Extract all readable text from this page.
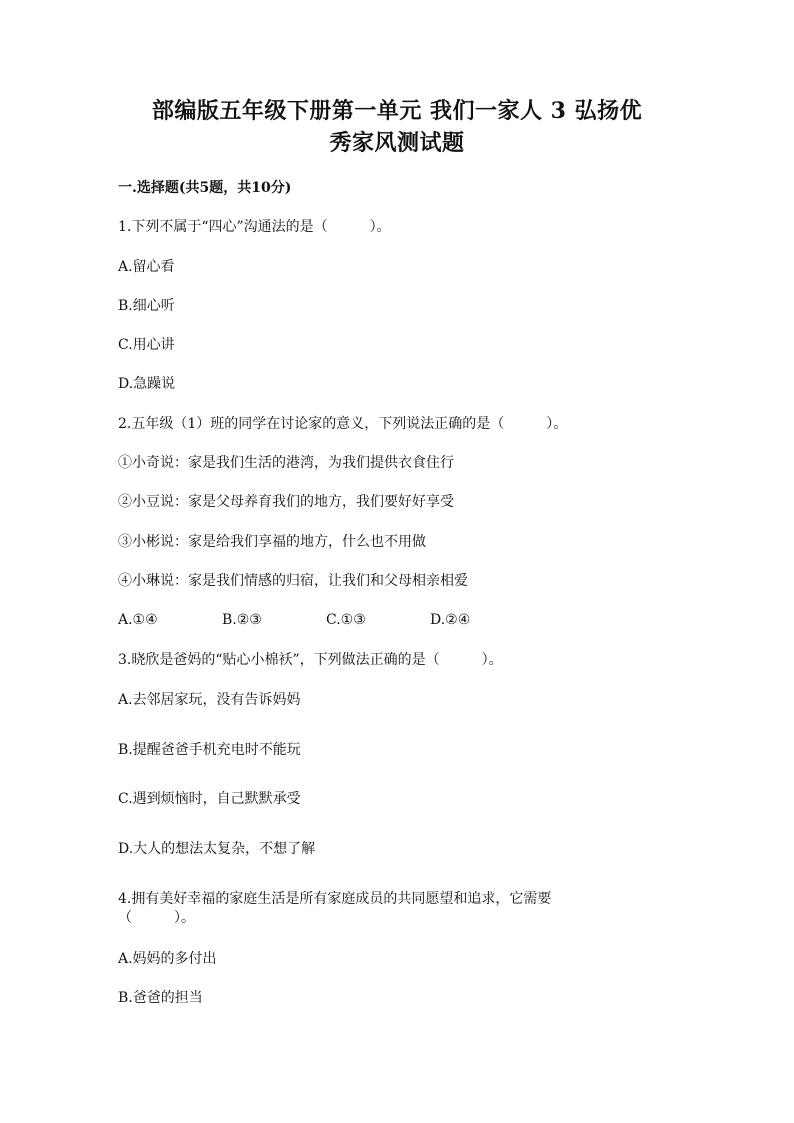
部编版五年级下册第一单元 我们一家人 3 弘扬优
秀家风测试题
一.选择题(共5题，共10分)
1.下列不属于“四心”沟通法的是（　　　）。
A.留心看
B.细心听
C.用心讲
D.急躁说
2.五年级（1）班的同学在讨论家的意义，下列说法正确的是（　　　）。
①小奇说：家是我们生活的港湾，为我们提供衣食住行
②小豆说：家是父母养育我们的地方，我们要好好享受
③小彬说：家是给我们享福的地方，什么也不用做
④小琳说：家是我们情感的归宿，让我们和父母相亲相爱
A.①④	B.②③	C.①③	D.②④
3.晓欣是爸妈的“贴心小棉袄”，下列做法正确的是（　　　）。
A.去邻居家玩，没有告诉妈妈
B.提醒爸爸手机充电时不能玩
C.遇到烦恼时，自己默默承受
D.大人的想法太复杂，不想了解
4.拥有美好幸福的家庭生活是所有家庭成员的共同愿望和追求，它需要
（　　　）。
A.妈妈的多付出
B.爸爸的担当
